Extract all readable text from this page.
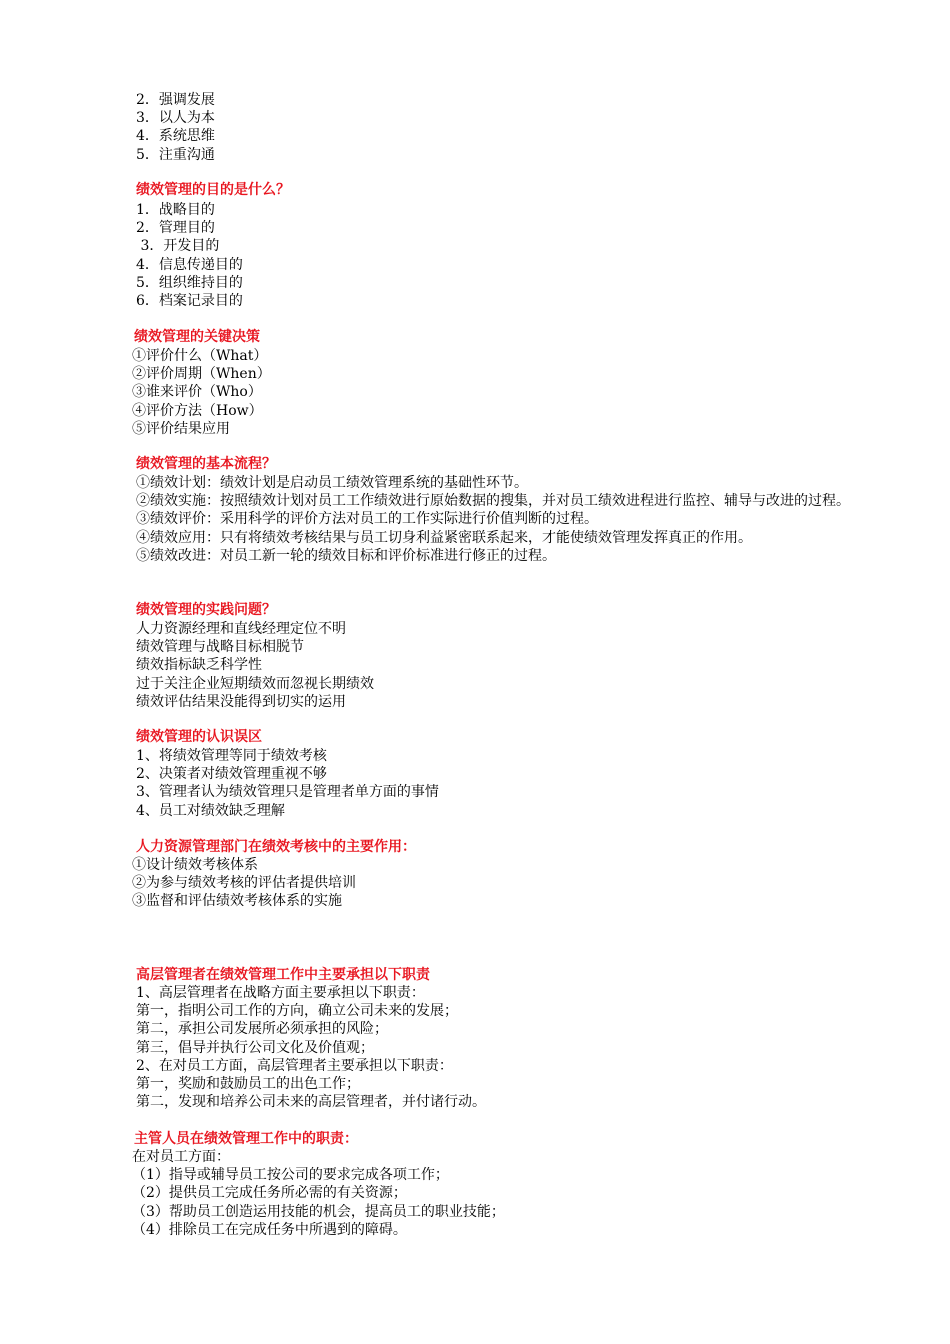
2．强调发展
3．以人为本
4．系统思维
5．注重沟通
绩效管理的目的是什么？
1．战略目的
2．管理目的
3．开发目的
4．信息传递目的
5．组织维持目的
6．档案记录目的
绩效管理的关键决策
①评价什么（What）
②评价周期（When）
③谁来评价（Who）
④评价方法（How）
⑤评价结果应用
绩效管理的基本流程？
①绩效计划：绩效计划是启动员工绩效管理系统的基础性环节。
②绩效实施：按照绩效计划对员工工作绩效进行原始数据的搜集，并对员工绩效进程进行监控、辅导与改进的过程。
③绩效评价：采用科学的评价方法对员工的工作实际进行价值判断的过程。
④绩效应用：只有将绩效考核结果与员工切身利益紧密联系起来，才能使绩效管理发挥真正的作用。
⑤绩效改进：对员工新一轮的绩效目标和评价标准进行修正的过程。
绩效管理的实践问题？
人力资源经理和直线经理定位不明
绩效管理与战略目标相脱节
绩效指标缺乏科学性
过于关注企业短期绩效而忽视长期绩效
绩效评估结果没能得到切实的运用
绩效管理的认识误区
1、将绩效管理等同于绩效考核
2、决策者对绩效管理重视不够
3、管理者认为绩效管理只是管理者单方面的事情
4、员工对绩效缺乏理解
人力资源管理部门在绩效考核中的主要作用：
①设计绩效考核体系
②为参与绩效考核的评估者提供培训
③监督和评估绩效考核体系的实施
高层管理者在绩效管理工作中主要承担以下职责
1、高层管理者在战略方面主要承担以下职责：
第一，指明公司工作的方向，确立公司未来的发展；
第二，承担公司发展所必须承担的风险；
第三，倡导并执行公司文化及价值观；
2、在对员工方面，高层管理者主要承担以下职责：
第一，奖励和鼓励员工的出色工作；
第二，发现和培养公司未来的高层管理者，并付诸行动。
主管人员在绩效管理工作中的职责：
在对员工方面：
（1）指导或辅导员工按公司的要求完成各项工作；
（2）提供员工完成任务所必需的有关资源；
（3）帮助员工创造运用技能的机会，提高员工的职业技能；
（4）排除员工在完成任务中所遇到的障碍。
